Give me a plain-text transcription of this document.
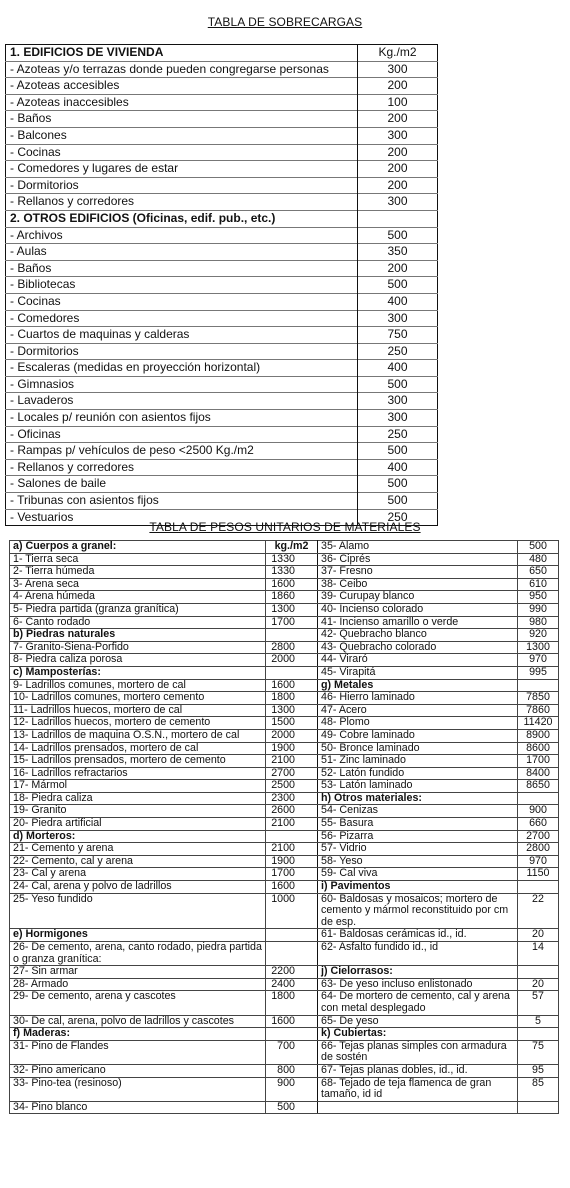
TABLA DE SOBRECARGAS
1. EDIFICIOS DE VIVIENDA	Kg./m2
- Azoteas y/o terrazas donde pueden congregarse personas	300
- Azoteas accesibles	200
- Azoteas inaccesibles	100
- Baños	200
- Balcones	300
- Cocinas	200
- Comedores y lugares de estar	200
- Dormitorios	200
- Rellanos y corredores	300
2. OTROS EDIFICIOS (Oficinas, edif. pub., etc.)	
- Archivos	500
- Aulas	350
- Baños	200
- Bibliotecas	500
- Cocinas	400
- Comedores	300
- Cuartos de maquinas y calderas	750
- Dormitorios	250
- Escaleras (medidas en proyección horizontal)	400
- Gimnasios	500
- Lavaderos	300
- Locales p/ reunión con asientos fijos	300
- Oficinas	250
- Rampas p/ vehículos de peso <2500 Kg./m2	500
- Rellanos y corredores	400
- Salones de baile	500
- Tribunas con asientos fijos	500
- Vestuarios	250
TABLA DE PESOS UNITARIOS DE MATERIALES
a) Cuerpos a granel:	kg./m2	35- Alamo	500
1- Tierra seca	1330	36- Ciprés	480
2- Tierra húmeda	1330	37- Fresno	650
3- Arena seca	1600	38- Ceibo	610
4- Arena húmeda	1860	39- Curupay blanco	950
5- Piedra partida (granza granítica)	1300	40- Incienso colorado	990
6- Canto rodado	1700	41- Incienso amarillo o verde	980
b) Piedras naturales		42- Quebracho blanco	920
7- Granito-Siena-Porfido	2800	43- Quebracho colorado	1300
8- Piedra caliza porosa	2000	44- Viraró	970
c) Mamposterías:		45- Virapitá	995
9- Ladrillos comunes, mortero de cal	1600	g) Metales	
10- Ladrillos comunes, mortero cemento	1800	46- Hierro laminado	7850
11- Ladrillos huecos, mortero de cal	1300	47- Acero	7860
12- Ladrillos huecos, mortero de cemento	1500	48- Plomo	11420
13- Ladrillos de maquina O.S.N., mortero de cal	2000	49- Cobre laminado	8900
14- Ladrillos prensados, mortero de cal	1900	50- Bronce laminado	8600
15- Ladrillos prensados, mortero de cemento	2100	51- Zinc laminado	1700
16- Ladrillos refractarios	2700	52- Latón fundido	8400
17- Mármol	2500	53- Latón laminado	8650
18- Piedra caliza	2300	h) Otros materiales:	
19- Granito	2600	54- Cenizas	900
20- Piedra artificial	2100	55- Basura	660
d) Morteros:		56- Pizarra	2700
21- Cemento y arena	2100	57- Vidrio	2800
22- Cemento, cal y arena	1900	58- Yeso	970
23- Cal y arena	1700	59- Cal viva	1150
24- Cal, arena y polvo de ladrillos	1600	i) Pavimentos	
25- Yeso fundido	1000	60- Baldosas y mosaicos; mortero de cemento y mármol reconstituido por cm de esp.	22
e) Hormigones		61- Baldosas cerámicas id., id.	20
26- De cemento, arena, canto rodado, piedra partida o granza granítica:		62- Asfalto fundido id., id	14
27- Sin armar	2200	j) Cielorrasos:	
28- Armado	2400	63- De yeso incluso enlistonado	20
29- De cemento, arena y cascotes	1800	64- De mortero de cemento, cal y arena con metal desplegado	57
30- De cal, arena, polvo de ladrillos y cascotes	1600	65- De yeso	5
f) Maderas:		k) Cubiertas:	
31- Pino de Flandes	700	66- Tejas planas simples con armadura de sostén	75
32- Pino americano	800	67- Tejas planas dobles, id., id.	95
33- Pino-tea (resinoso)	900	68- Tejado de teja flamenca de gran tamaño, id id	85
34- Pino blanco	500		
